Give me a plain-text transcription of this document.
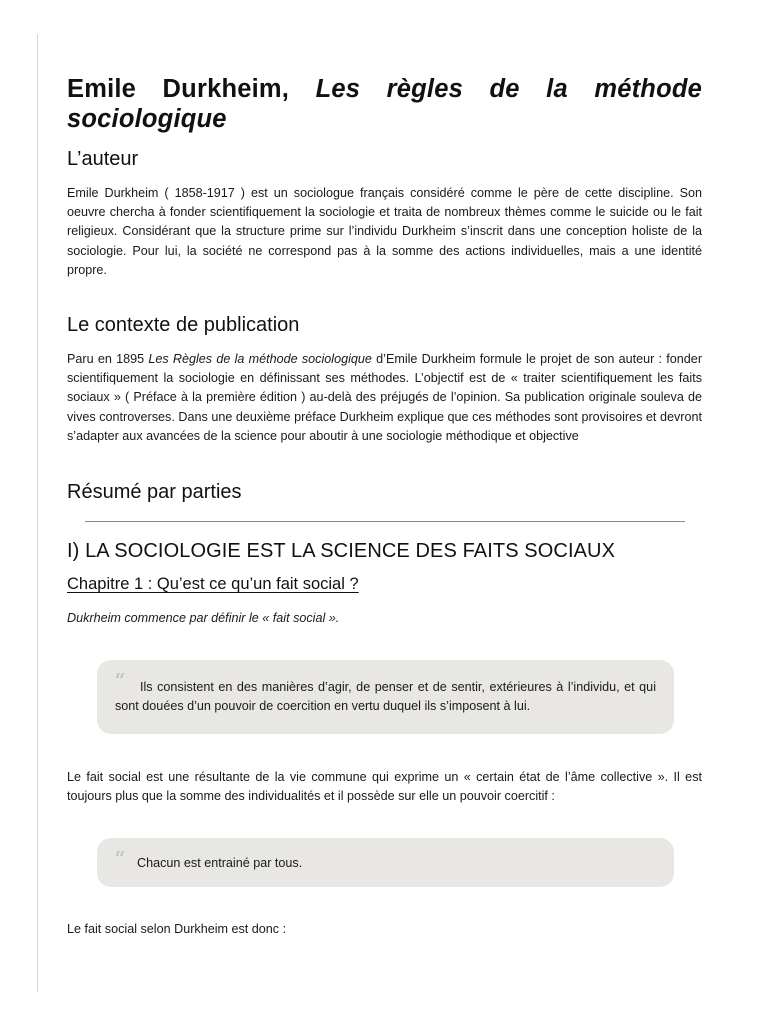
Emile Durkheim, Les règles de la méthode sociologique
L’auteur

Emile Durkheim ( 1858-1917 ) est un sociologue français considéré comme le père de cette discipline. Son oeuvre chercha à fonder scientifiquement la sociologie et traita de nombreux thèmes comme le suicide ou le fait religieux. Considérant que la structure prime sur l’individu Durkheim s’inscrit dans une conception holiste de la sociologie. Pour lui, la société ne correspond pas à la somme des actions individuelles, mais a une identité propre.

Le contexte de publication

Paru en 1895 Les Règles de la méthode sociologique d’Emile Durkheim formule le projet de son auteur : fonder scientifiquement la sociologie en définissant ses méthodes. L’objectif est de « traiter scientifiquement les faits sociaux » ( Préface à la première édition ) au-delà des préjugés de l’opinion. Sa publication originale souleva de vives controverses. Dans une deuxième préface Durkheim explique que ces méthodes sont provisoires et devront s’adapter aux avancées de la science pour aboutir à une sociologie méthodique et objective

Résumé par parties
I) LA SOCIOLOGIE EST LA SCIENCE DES FAITS SOCIAUX
Chapitre 1 : Qu’est ce qu’un fait social ?

Dukrheim commence par définir le « fait social ».

“	Ils consistent en des manières d’agir, de penser et de sentir, extérieures à l’individu, et qui sont douées d’un pouvoir de coercition en vertu duquel ils s’imposent à lui.

Le fait social est une résultante de la vie commune qui exprime un « certain état de l’âme collective ». Il est toujours plus que la somme des individualités et il possède sur elle un pouvoir coercitif :

“ Chacun est entrainé par tous.

Le fait social selon Durkheim est donc :
